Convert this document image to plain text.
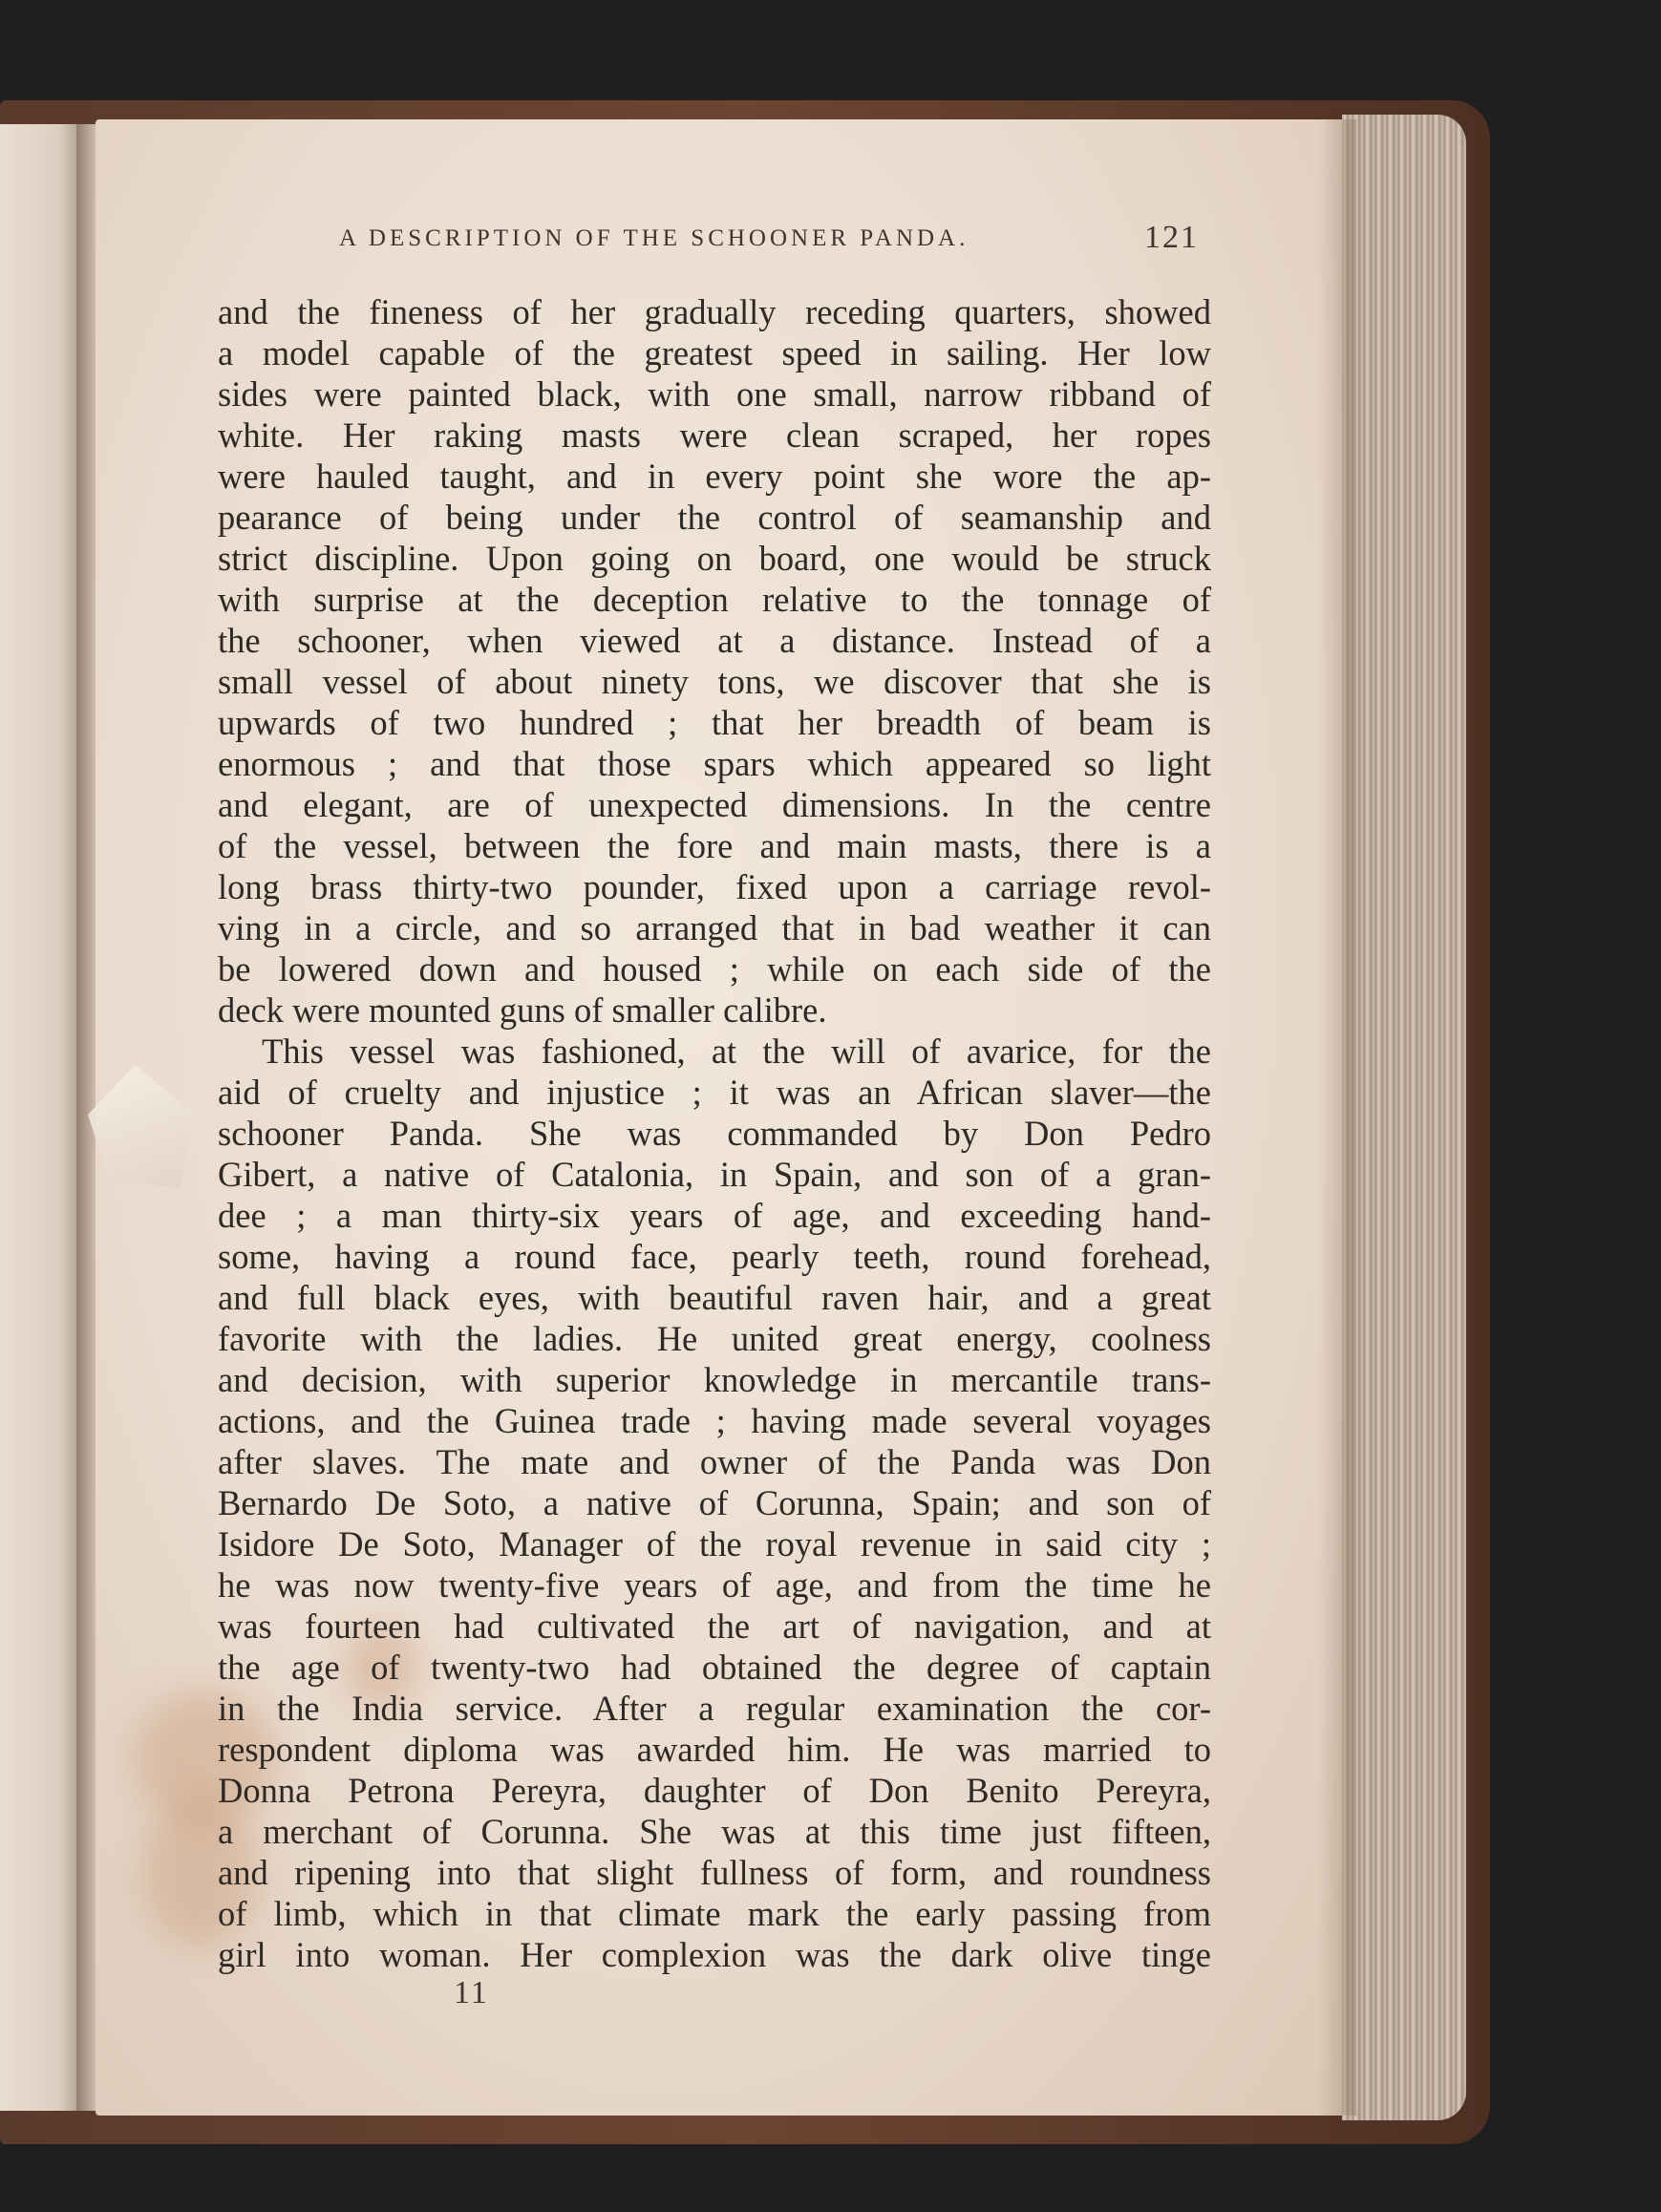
A DESCRIPTION OF THE SCHOONER PANDA.	121
and the fineness of her gradually receding quarters, showed
a model capable of the greatest speed in sailing. Her low
sides were painted black, with one small, narrow ribband of
white. Her raking masts were clean scraped, her ropes
were hauled taught, and in every point she wore the ap-
pearance of being under the control of seamanship and
strict discipline. Upon going on board, one would be struck
with surprise at the deception relative to the tonnage of
the schooner, when viewed at a distance. Instead of a
small vessel of about ninety tons, we discover that she is
upwards of two hundred ; that her breadth of beam is
enormous ; and that those spars which appeared so light
and elegant, are of unexpected dimensions. In the centre
of the vessel, between the fore and main masts, there is a
long brass thirty-two pounder, fixed upon a carriage revol-
ving in a circle, and so arranged that in bad weather it can
be lowered down and housed ; while on each side of the
deck were mounted guns of smaller calibre.
This vessel was fashioned, at the will of avarice, for the
aid of cruelty and injustice ; it was an African slaver—the
schooner Panda. She was commanded by Don Pedro
Gibert, a native of Catalonia, in Spain, and son of a gran-
dee ; a man thirty-six years of age, and exceeding hand-
some, having a round face, pearly teeth, round forehead,
and full black eyes, with beautiful raven hair, and a great
favorite with the ladies. He united great energy, coolness
and decision, with superior knowledge in mercantile trans-
actions, and the Guinea trade ; having made several voyages
after slaves. The mate and owner of the Panda was Don
Bernardo De Soto, a native of Corunna, Spain; and son of
Isidore De Soto, Manager of the royal revenue in said city ;
he was now twenty-five years of age, and from the time he
was fourteen had cultivated the art of navigation, and at
the age of twenty-two had obtained the degree of captain
in the India service. After a regular examination the cor-
respondent diploma was awarded him. He was married to
Donna Petrona Pereyra, daughter of Don Benito Pereyra,
a merchant of Corunna. She was at this time just fifteen,
and ripening into that slight fullness of form, and roundness
of limb, which in that climate mark the early passing from
girl into woman. Her complexion was the dark olive tinge
11
